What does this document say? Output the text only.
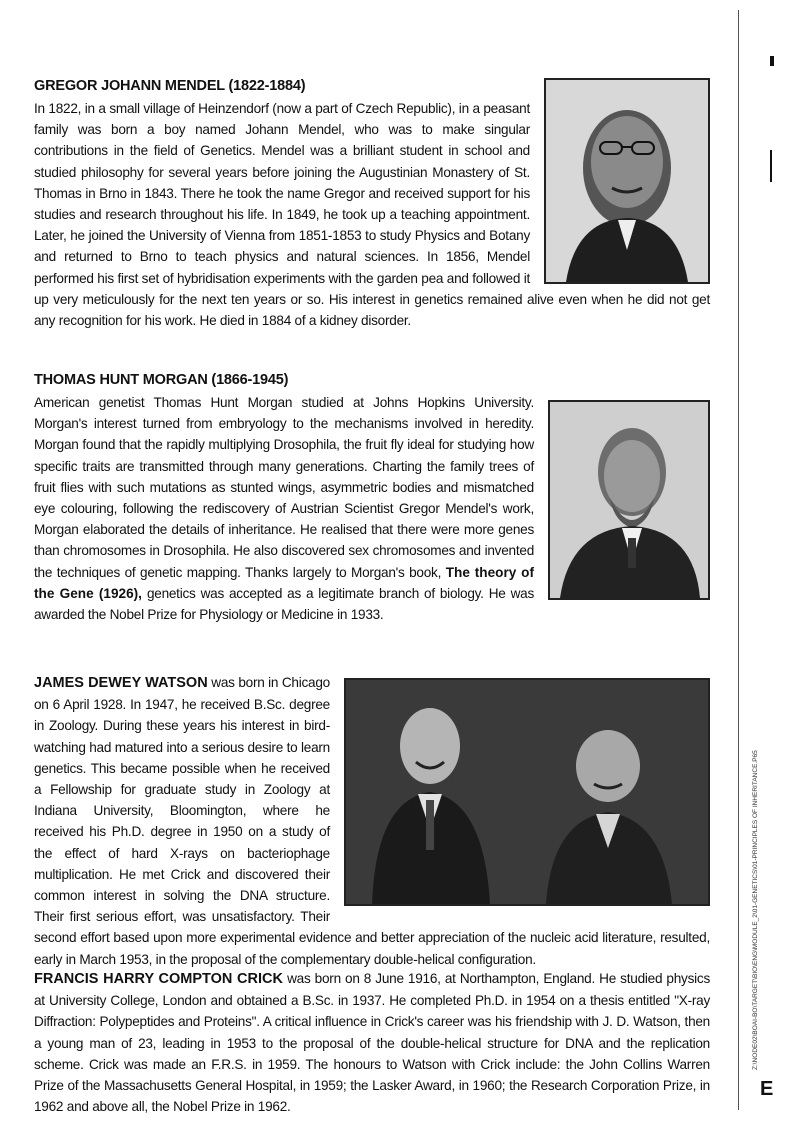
GREGOR JOHANN MENDEL (1822-1884)

In 1822, in a small village of Heinzendorf (now a part of Czech Republic), in a peasant family was born a boy named Johann Mendel, who was to make singular contributions in the field of Genetics. Mendel was a brilliant student in school and studied philosophy for several years before joining the Augustinian Monastery of St. Thomas in Brno in 1843. There he took the name Gregor and received support for his studies and research throughout his life. In 1849, he took up a teaching appointment. Later, he joined the University of Vienna from 1851-1853 to study Physics and Botany and returned to Brno to teach physics and natural sciences. In 1856, Mendel performed his first set of hybridisation experiments with the garden pea and followed it up very meticulously for the next ten years or so. His interest in genetics remained alive even when he did not get any recognition for his work. He died in 1884 of a kidney disorder.

THOMAS HUNT MORGAN (1866-1945)

American genetist Thomas Hunt Morgan studied at Johns Hopkins University. Morgan's interest turned from embryology to the mechanisms involved in heredity. Morgan found that the rapidly multiplying Drosophila, the fruit fly ideal for studying how specific traits are transmitted through many generations. Charting the family trees of fruit flies with such mutations as stunted wings, asymmetric bodies and mismatched eye colouring, following the rediscovery of Austrian Scientist Gregor Mendel's work, Morgan elaborated the details of inheritance. He realised that there were more genes than chromosomes in Drosophila. He also discovered sex chromosomes and invented the techniques of genetic mapping. Thanks largely to Morgan's book, The theory of the Gene (1926), genetics was accepted as a legitimate branch of biology. He was awarded the Nobel Prize for Physiology or Medicine in 1933.

JAMES DEWEY WATSON was born in Chicago on 6 April 1928. In 1947, he received B.Sc. degree in Zoology. During these years his interest in bird-watching had matured into a serious desire to learn genetics. This became possible when he received a Fellowship for graduate study in Zoology at Indiana University, Bloomington, where he received his Ph.D. degree in 1950 on a study of the effect of hard X-rays on bacteriophage multiplication. He met Crick and discovered their common interest in solving the DNA structure. Their first serious effort, was unsatisfactory. Their second effort based upon more experimental evidence and better appreciation of the nucleic acid literature, resulted, early in March 1953, in the proposal of the complementary double-helical configuration.

FRANCIS HARRY COMPTON CRICK was born on 8 June 1916, at Northampton, England. He studied physics at University College, London and obtained a B.Sc. in 1937. He completed Ph.D. in 1954 on a thesis entitled "X-ray Diffraction: Polypeptides and Proteins". A critical influence in Crick's career was his friendship with J. D. Watson, then a young man of 23, leading in 1953 to the proposal of the double-helical structure for DNA and the replication scheme. Crick was made an F.R.S. in 1959. The honours to Watson with Crick include: the John Collins Warren Prize of the Massachusetts General Hospital, in 1959; the Lasker Award, in 1960; the Research Corporation Prize, in 1962 and above all, the Nobel Prize in 1962.

Z:\NODE02\BOAI-BO\TARGET\BIO\ENG\MODULE_2\01-GENETICS\01-PRINCIPLES OF INHERITANCE.P65
E
